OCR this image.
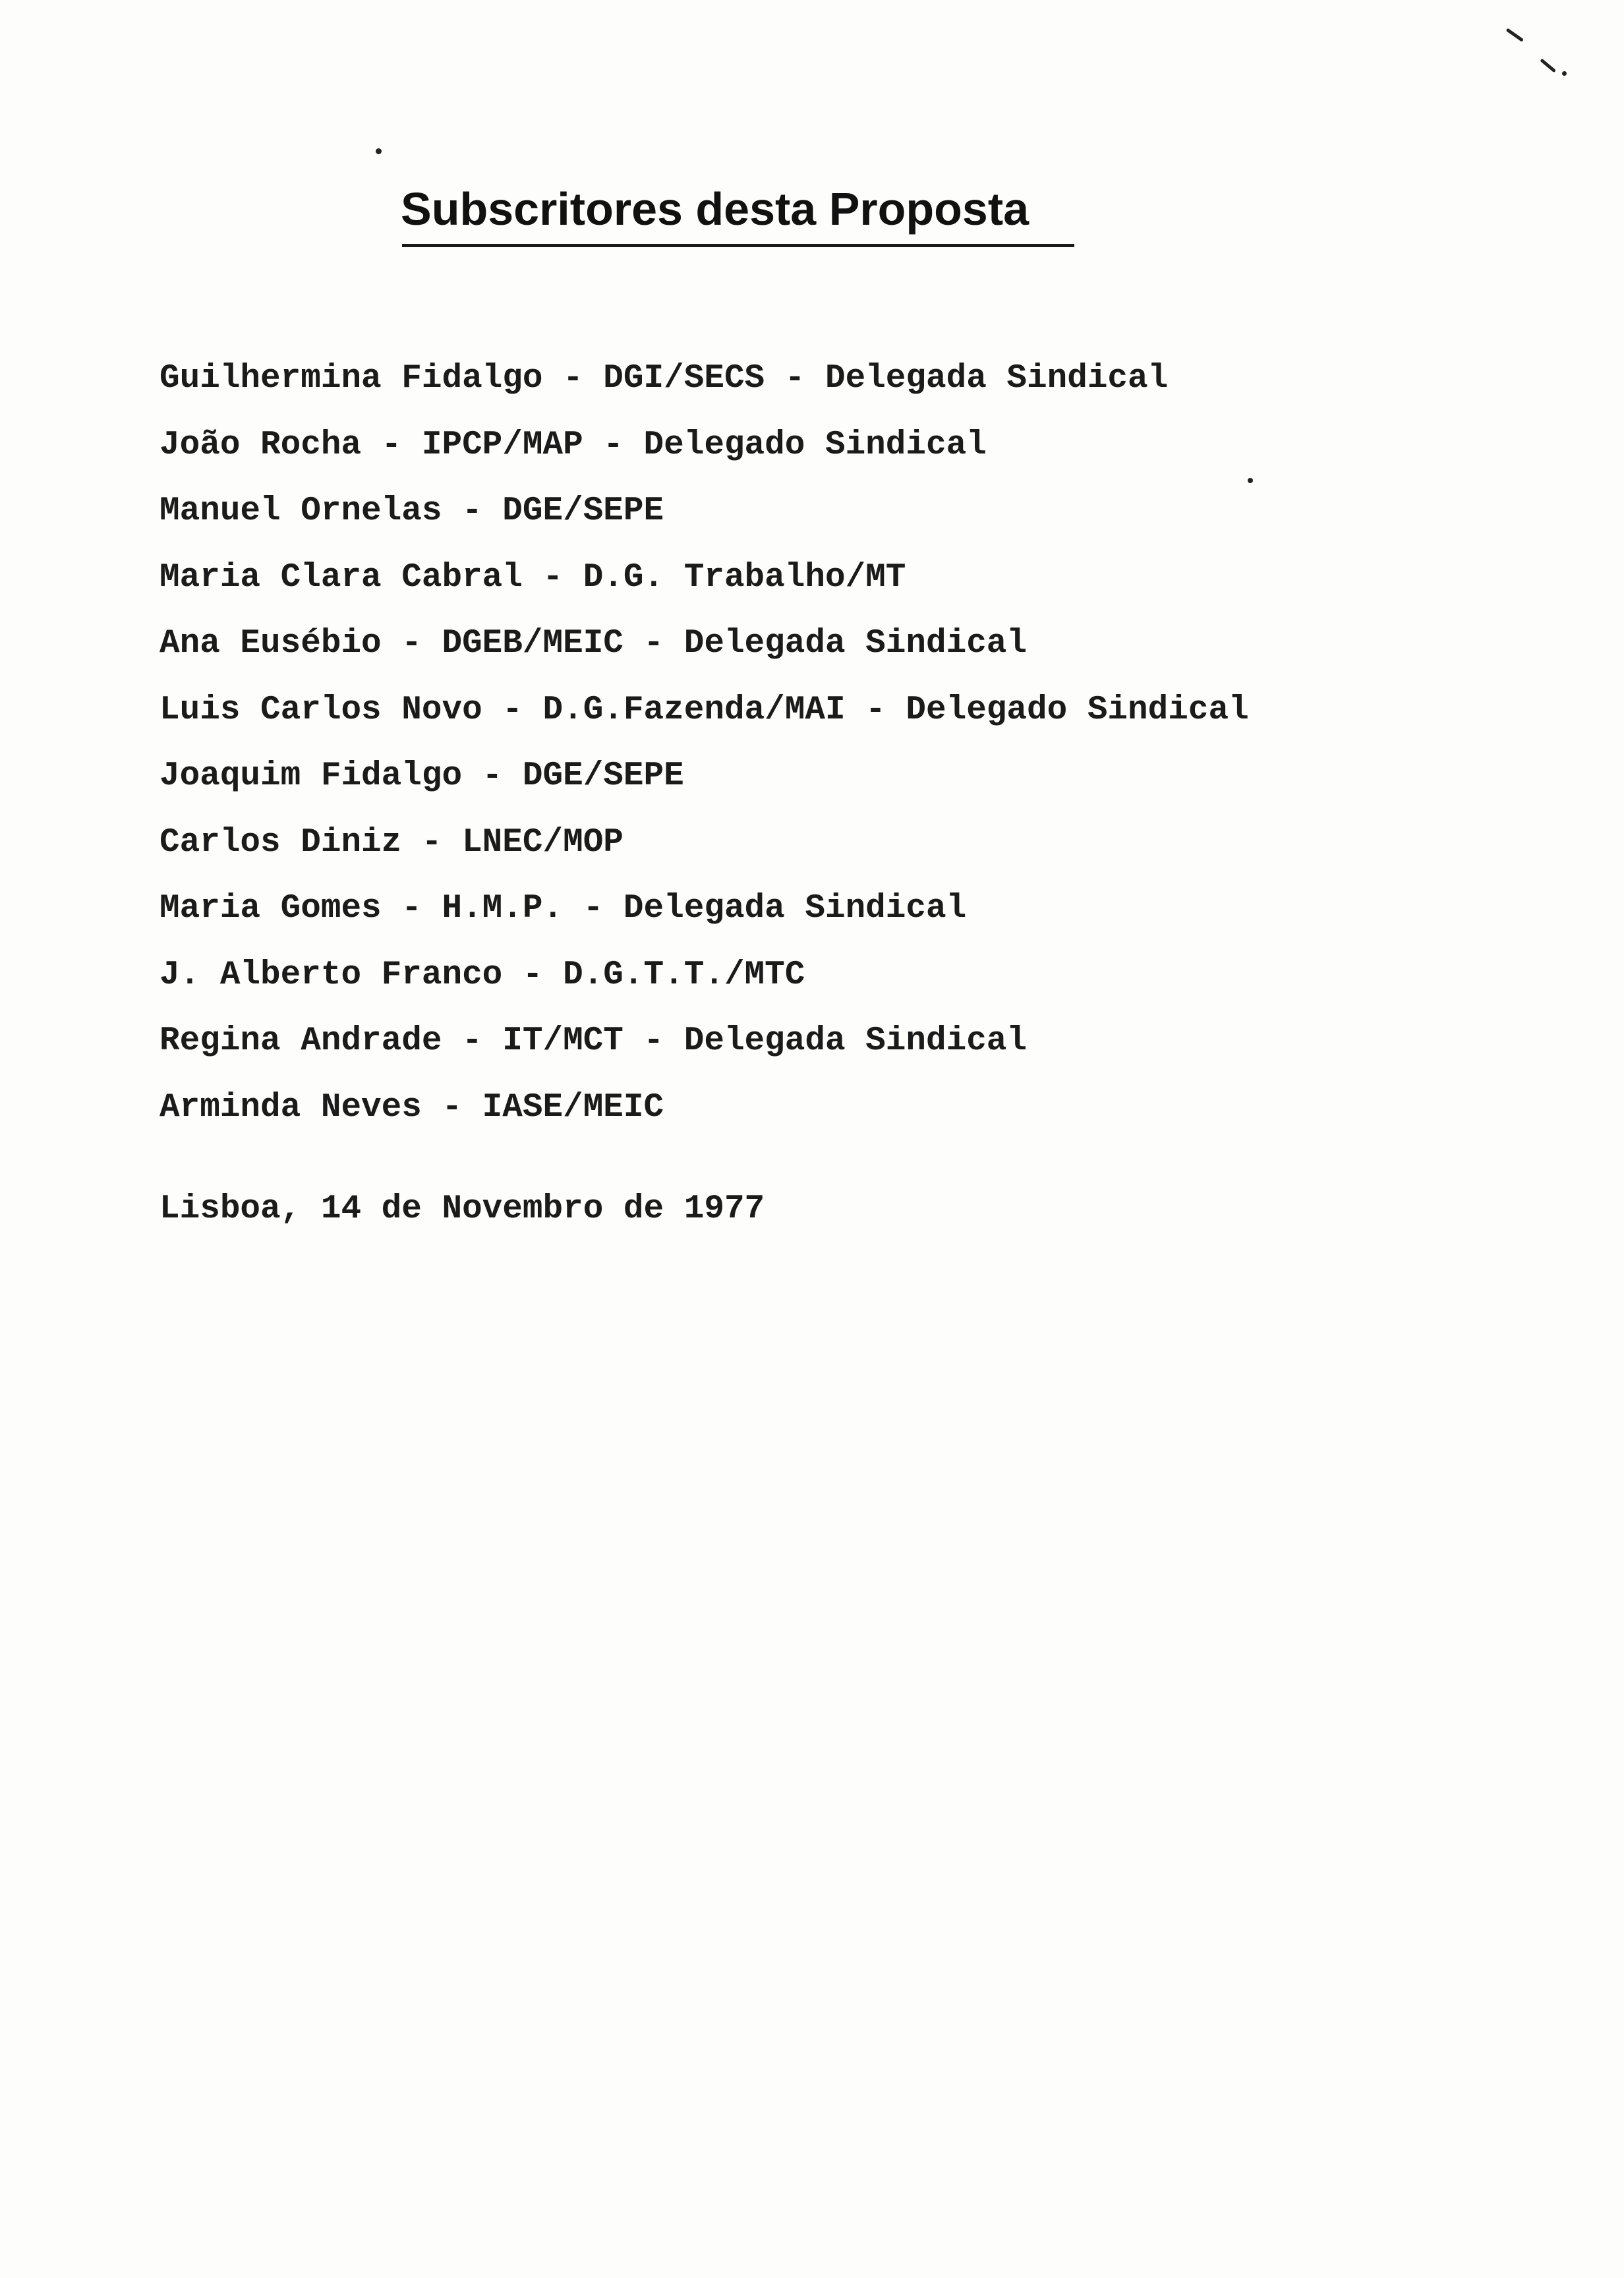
Subscritores desta Proposta
Guilhermina Fidalgo - DGI/SECS - Delegada Sindical
João Rocha - IPCP/MAP - Delegado Sindical
Manuel Ornelas - DGE/SEPE
Maria Clara Cabral - D.G. Trabalho/MT
Ana Eusébio - DGEB/MEIC - Delegada Sindical
Luis Carlos Novo - D.G.Fazenda/MAI - Delegado Sindical
Joaquim Fidalgo - DGE/SEPE
Carlos Diniz - LNEC/MOP
Maria Gomes - H.M.P. - Delegada Sindical
J. Alberto Franco - D.G.T.T./MTC
Regina Andrade - IT/MCT - Delegada Sindical
Arminda Neves - IASE/MEIC
Lisboa, 14 de Novembro de 1977
